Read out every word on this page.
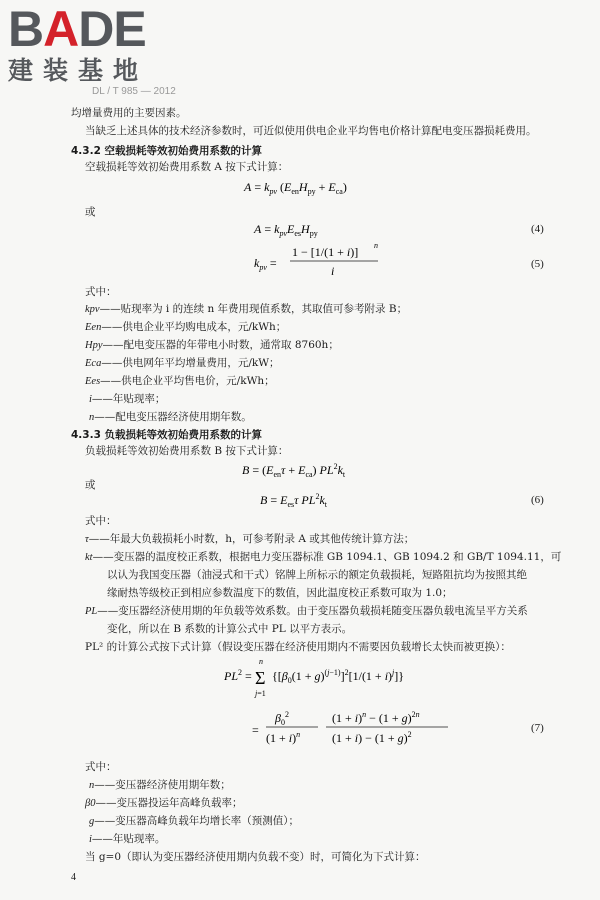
BADE
建装基地
DL / T 985 — 2012
均增量费用的主要因素。
当缺乏上述具体的技术经济参数时，可近似使用供电企业平均售电价格计算配电变压器损耗费用。
4.3.2 空载损耗等效初始费用系数的计算
空载损耗等效初始费用系数 A 按下式计算：
$A = k_{pv}$ $(E_{en}H_{py} + E_{ca})$
或
$A = k_{pv}E_{es}H_{py}$	(4)
$k_{pv}$ =
1 − [1/(1 + i)] n
i	(5)
式中：
kpv——贴现率为 i 的连续 n 年费用现值系数，其取值可参考附录 B；
Een——供电企业平均购电成本，元/kWh；
Hpy——配电变压器的年带电小时数，通常取 8760h；
Eca——供电网年平均增量费用，元/kW；
Ees——供电企业平均售电价，元/kWh；
i——年贴现率；
n——配电变压器经济使用期年数。
4.3.3 负载损耗等效初始费用系数的计算
负载损耗等效初始费用系数 B 按下式计算：
$B = (E_{en}\tau + E_{ca})$ $PL^2k_t$
或
$B = E_{es}\tau$ $PL^2k_t$	(6)
式中：
τ——年最大负载损耗小时数，h，可参考附录 A 或其他传统计算方法；
kt——变压器的温度校正系数，根据电力变压器标准 GB 1094.1、GB 1094.2 和 GB/T 1094.11，可
以认为我国变压器（油浸式和干式）铭牌上所标示的额定负载损耗，短路阻抗均为按照其绝
缘耐热等级校正到相应参数温度下的数值，因此温度校正系数可取为 1.0；
PL——变压器经济使用期的年负载等效系数。由于变压器负载损耗随变压器负载电流呈平方关系
变化，所以在 B 系数的计算公式中 PL 以平方表示。
PL² 的计算公式按下式计算（假设变压器在经济使用期内不需要因负载增长太快而被更换）：
$PL^2$ =
n
Σ
j=1
$\{[\beta_0(1 + g)^{(j-1)}]^2[1/(1 + i)^j]\}$
=
$\beta_0^2$
$(1 + i)^n$
$(1 + i)^n - (1 + g)^{2n}$
$(1 + i) - (1 + g)^2$
(7)
式中：
n——变压器经济使用期年数；
β0——变压器投运年高峰负载率；
g——变压器高峰负载年均增长率（预测值）；
i——年贴现率。
当 g=0（即认为变压器经济使用期内负载不变）时，可简化为下式计算：
4
